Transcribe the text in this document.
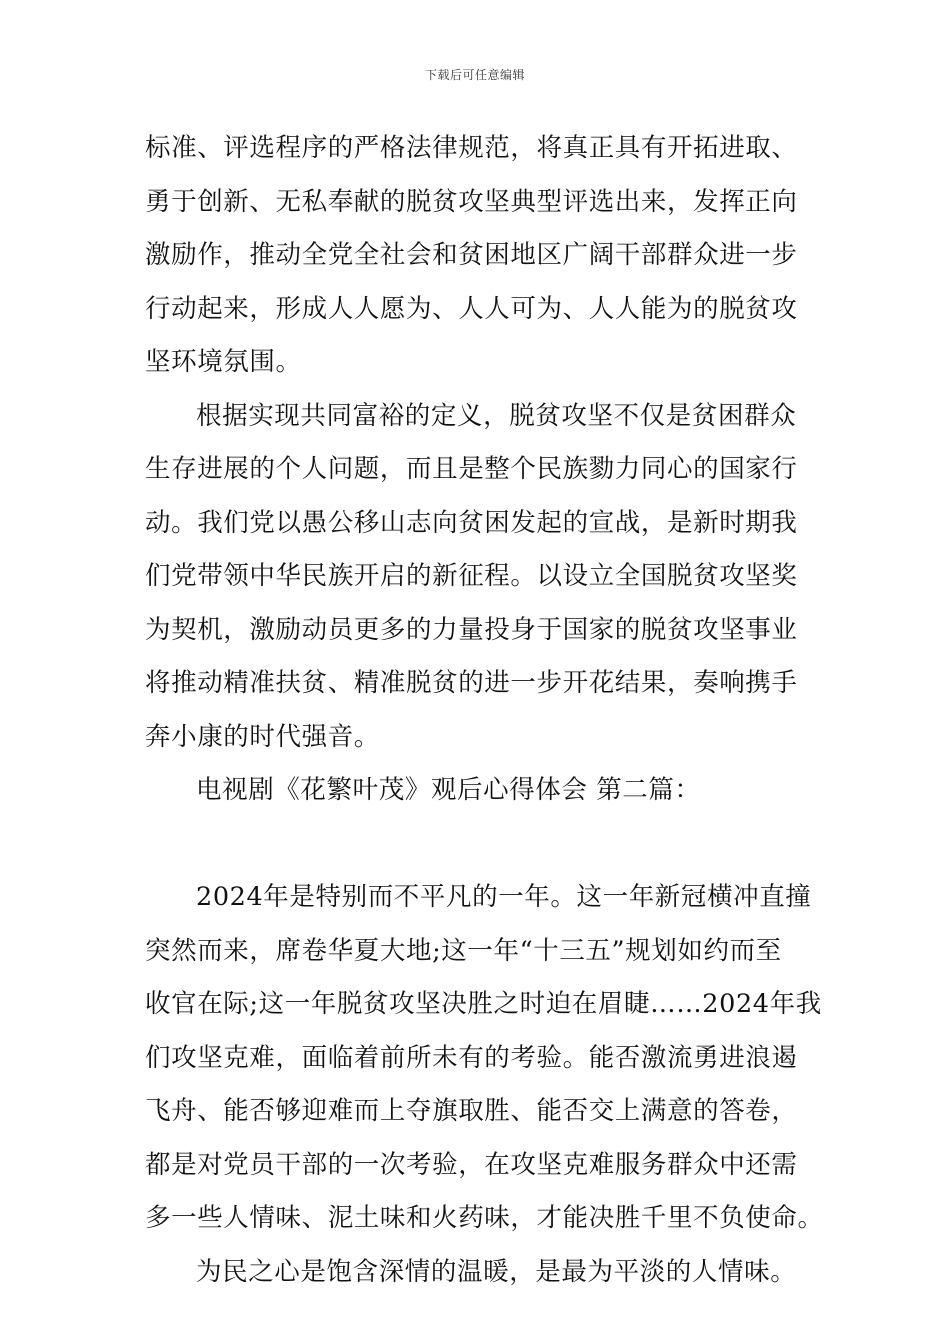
下载后可任意编辑
标准、评选程序的严格法律规范，将真正具有开拓进取、
勇于创新、无私奉献的脱贫攻坚典型评选出来，发挥正向
激励作，推动全党全社会和贫困地区广阔干部群众进一步
行动起来，形成人人愿为、人人可为、人人能为的脱贫攻
坚环境氛围。
根据实现共同富裕的定义，脱贫攻坚不仅是贫困群众
生存进展的个人问题，而且是整个民族勠力同心的国家行
动。我们党以愚公移山志向贫困发起的宣战，是新时期我
们党带领中华民族开启的新征程。以设立全国脱贫攻坚奖
为契机，激励动员更多的力量投身于国家的脱贫攻坚事业
将推动精准扶贫、精准脱贫的进一步开花结果，奏响携手
奔小康的时代强音。
电视剧《花繁叶茂》观后心得体会 第二篇：
2024年是特别而不平凡的一年。这一年新冠横冲直撞
突然而来，席卷华夏大地;这一年“十三五”规划如约而至
收官在际;这一年脱贫攻坚决胜之时迫在眉睫……2024年我
们攻坚克难，面临着前所未有的考验。能否激流勇进浪遏
飞舟、能否够迎难而上夺旗取胜、能否交上满意的答卷，
都是对党员干部的一次考验，在攻坚克难服务群众中还需
多一些人情味、泥土味和火药味，才能决胜千里不负使命。
为民之心是饱含深情的温暖，是最为平淡的人情味。
